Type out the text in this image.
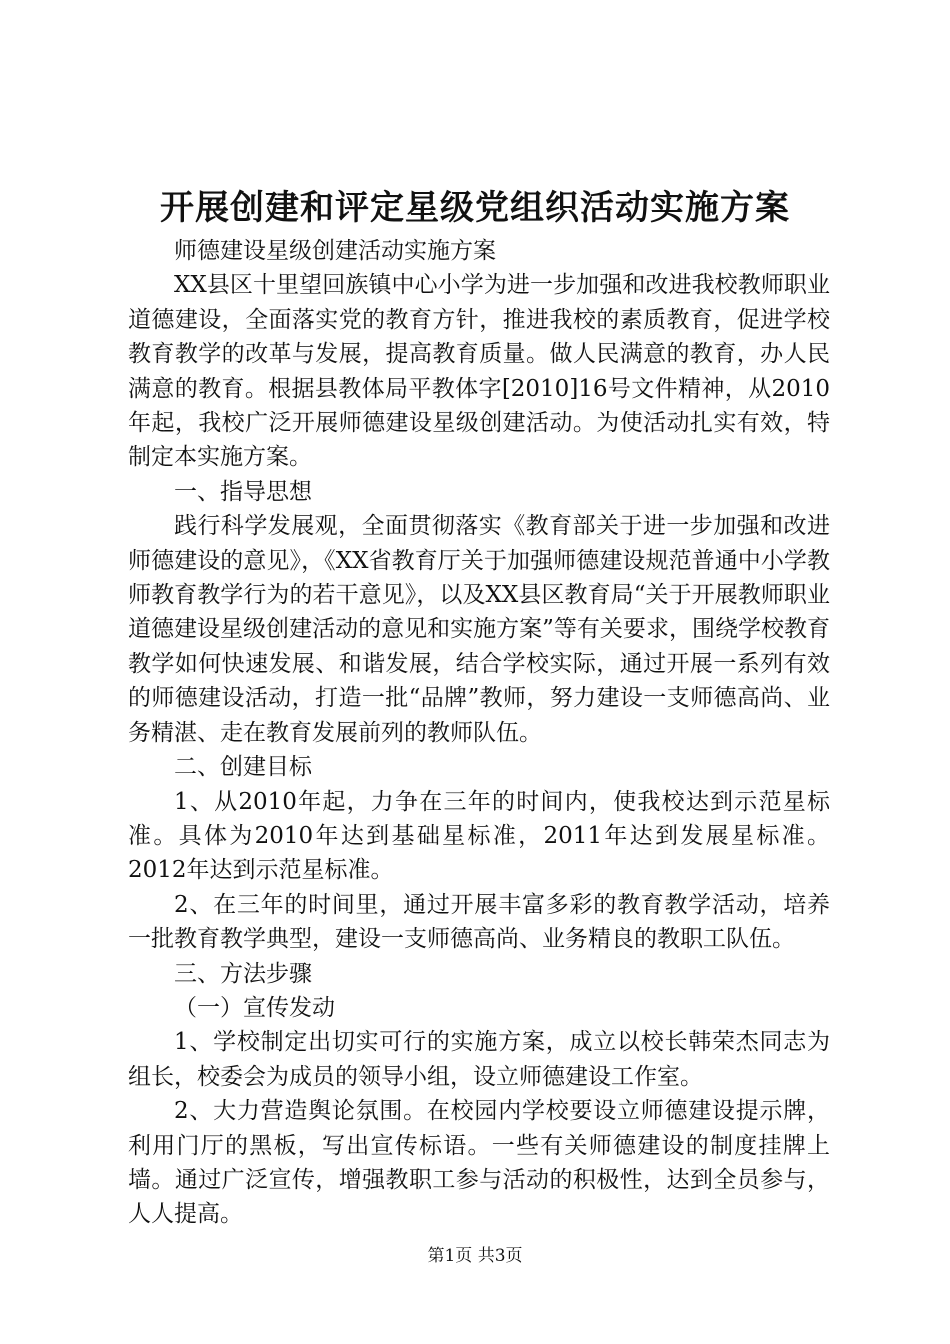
开展创建和评定星级党组织活动实施方案

师德建设星级创建活动实施方案

XX县区十里望回族镇中心小学为进一步加强和改进我校教师职业道德建设，全面落实党的教育方针，推进我校的素质教育，促进学校教育教学的改革与发展，提高教育质量。做人民满意的教育，办人民满意的教育。根据县教体局平教体字[2010]16号文件精神，从2010年起，我校广泛开展师德建设星级创建活动。为使活动扎实有效，特制定本实施方案。

一、指导思想

践行科学发展观，全面贯彻落实《教育部关于进一步加强和改进师德建设的意见》，《XX省教育厅关于加强师德建设规范普通中小学教师教育教学行为的若干意见》，以及XX县区教育局“关于开展教师职业道德建设星级创建活动的意见和实施方案”等有关要求，围绕学校教育教学如何快速发展、和谐发展，结合学校实际，通过开展一系列有效的师德建设活动，打造一批“品牌”教师，努力建设一支师德高尚、业务精湛、走在教育发展前列的教师队伍。

二、创建目标

1、从2010年起，力争在三年的时间内，使我校达到示范星标准。具体为2010年达到基础星标准，2011年达到发展星标准。2012年达到示范星标准。

2、在三年的时间里，通过开展丰富多彩的教育教学活动，培养一批教育教学典型，建设一支师德高尚、业务精良的教职工队伍。

三、方法步骤

（一）宣传发动

1、学校制定出切实可行的实施方案，成立以校长韩荣杰同志为组长，校委会为成员的领导小组，设立师德建设工作室。

2、大力营造舆论氛围。在校园内学校要设立师德建设提示牌，利用门厅的黑板，写出宣传标语。一些有关师德建设的制度挂牌上墙。通过广泛宣传，增强教职工参与活动的积极性，达到全员参与，人人提高。

第1页 共3页
